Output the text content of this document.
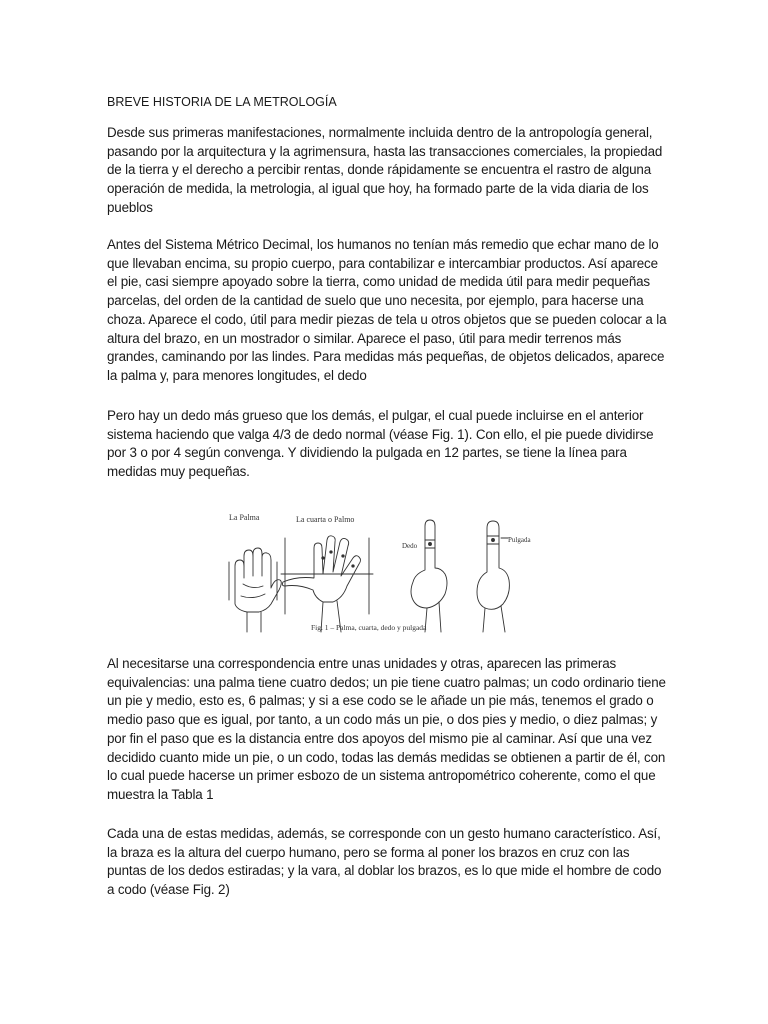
BREVE HISTORIA DE LA METROLOGÍA

Desde sus primeras manifestaciones, normalmente incluida dentro de la antropología general, pasando por la arquitectura y la agrimensura, hasta las transacciones comerciales, la propiedad de la tierra y el derecho a percibir rentas, donde rápidamente se encuentra el rastro de alguna operación de medida, la metrologia, al igual que hoy, ha formado parte de la vida diaria de los pueblos

Antes del Sistema Métrico Decimal, los humanos no tenían más remedio que echar mano de lo que llevaban encima, su propio cuerpo, para contabilizar e intercambiar productos. Así aparece el pie, casi siempre apoyado sobre la tierra, como unidad de medida útil para medir pequeñas parcelas, del orden de la cantidad de suelo que uno necesita, por ejemplo, para hacerse una choza. Aparece el codo, útil para medir piezas de tela u otros objetos que se pueden colocar a la altura del brazo, en un mostrador o similar. Aparece el paso, útil para medir terrenos más grandes, caminando por las lindes. Para medidas más pequeñas, de objetos delicados, aparece la palma y, para menores longitudes, el dedo

Pero hay un dedo más grueso que los demás, el pulgar, el cual puede incluirse en el anterior sistema haciendo que valga 4/3 de dedo normal (véase Fig. 1). Con ello, el pie puede dividirse por 3 o por 4 según convenga. Y dividiendo la pulgada en 12 partes, se tiene la línea para medidas muy pequeñas.

Al necesitarse una correspondencia entre unas unidades y otras, aparecen las primeras equivalencias: una palma tiene cuatro dedos; un pie tiene cuatro palmas; un codo ordinario tiene un pie y medio, esto es, 6 palmas; y si a ese codo se le añade un pie más, tenemos el grado o medio paso que es igual, por tanto, a un codo más un pie, o dos pies y medio, o diez palmas; y por fin el paso que es la distancia entre dos apoyos del mismo pie al caminar. Así que una vez decidido cuanto mide un pie, o un codo, todas las demás medidas se obtienen a partir de él, con lo cual puede hacerse un primer esbozo de un sistema antropométrico coherente, como el que muestra la Tabla 1

Cada una de estas medidas, además, se corresponde con un gesto humano característico. Así, la braza es la altura del cuerpo humano, pero se forma al poner los brazos en cruz con las puntas de los dedos estiradas; y la vara, al doblar los brazos, es lo que mide el hombre de codo a codo (véase Fig. 2)

La Palma	La cuarta o Palmo
Dedo
Pulgada
Fig. 1 – Palma, cuarta, dedo y pulgada
